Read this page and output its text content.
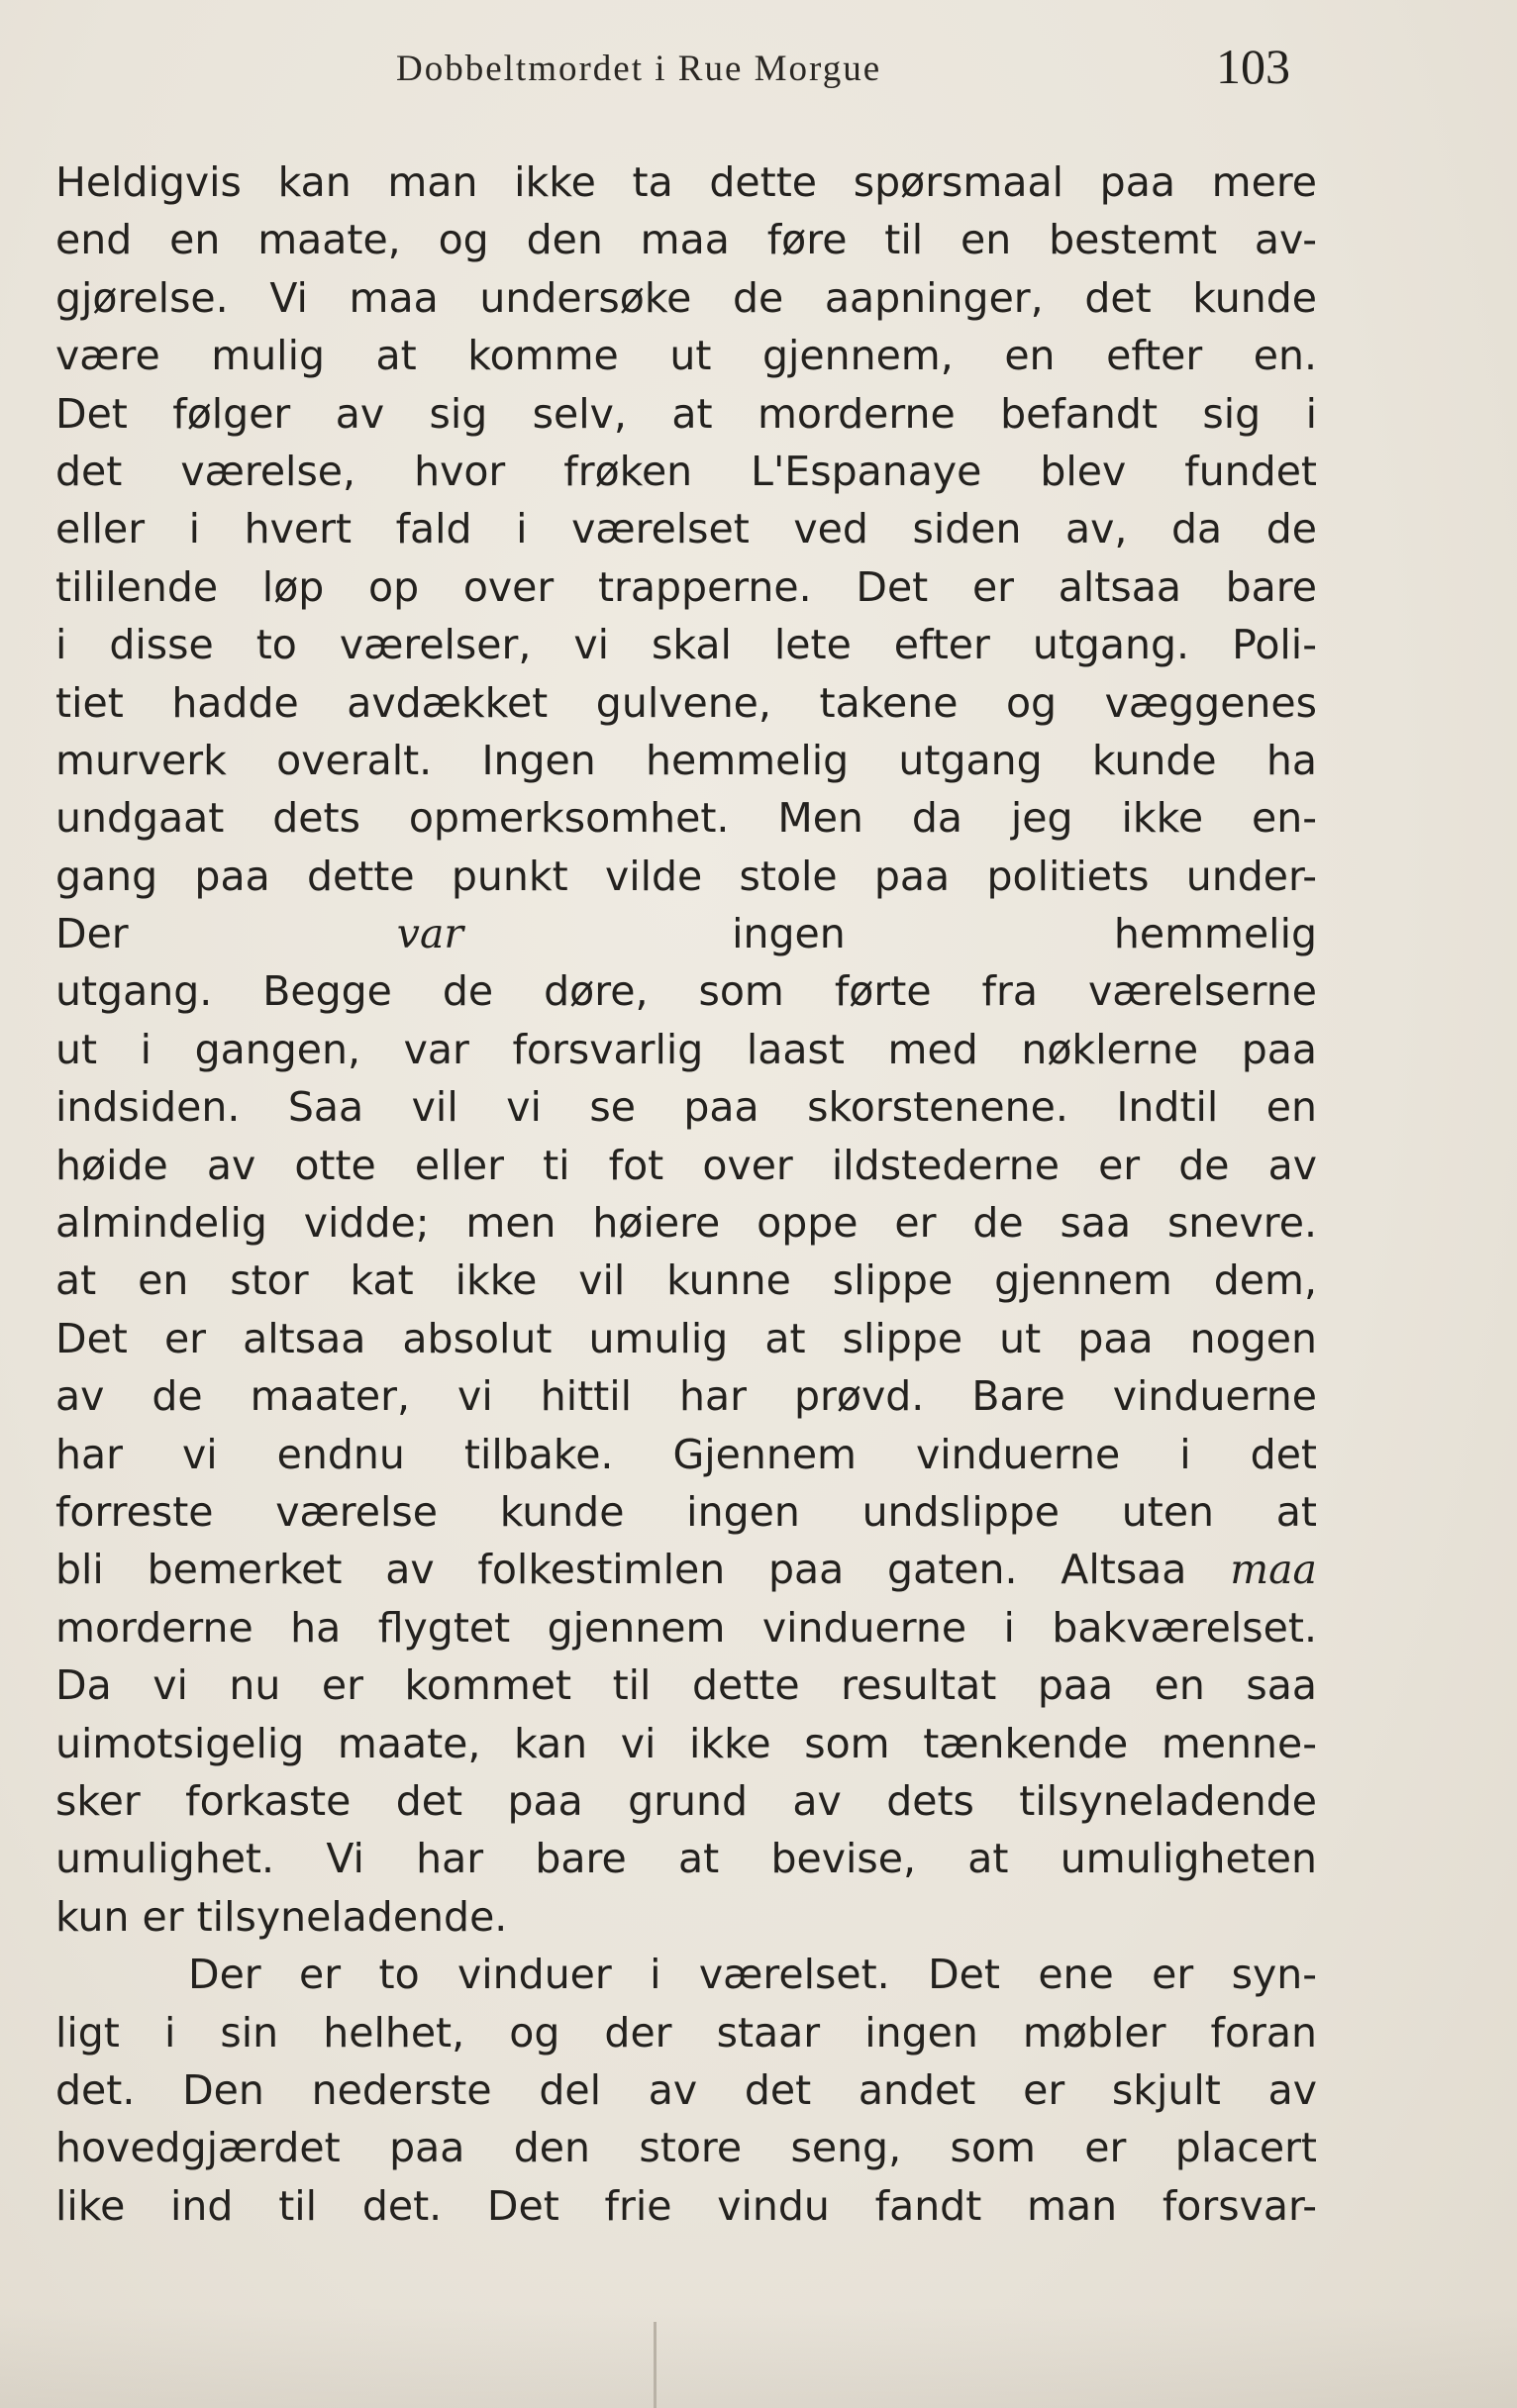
Dobbeltmordet i Rue Morgue	103
Heldigvis kan man ikke ta dette spørsmaal paa mere
end en maate, og den maa føre til en bestemt av-
gjørelse. Vi maa undersøke de aapninger, det kunde
være mulig at komme ut gjennem, en efter en.
Det følger av sig selv, at morderne befandt sig i
det værelse, hvor frøken L'Espanaye blev fundet
eller i hvert fald i værelset ved siden av, da de
tililende løp op over trapperne. Det er altsaa bare
i disse to værelser, vi skal lete efter utgang. Poli-
tiet hadde avdækket gulvene, takene og væggenes
murverk overalt. Ingen hemmelig utgang kunde ha
undgaat dets opmerksomhet. Men da jeg ikke en-
gang paa dette punkt vilde stole paa politiets under-
Der var ingen hemmelig
utgang. Begge de døre, som førte fra værelserne
ut i gangen, var forsvarlig laast med nøklerne paa
indsiden. Saa vil vi se paa skorstenene. Indtil en
høide av otte eller ti fot over ildstederne er de av
almindelig vidde; men høiere oppe er de saa snevre.
at en stor kat ikke vil kunne slippe gjennem dem,
Det er altsaa absolut umulig at slippe ut paa nogen
av de maater, vi hittil har prøvd. Bare vinduerne
har vi endnu tilbake. Gjennem vinduerne i det
forreste værelse kunde ingen undslippe uten at
bli bemerket av folkestimlen paa gaten. Altsaa maa
morderne ha flygtet gjennem vinduerne i bakværelset.
Da vi nu er kommet til dette resultat paa en saa
uimotsigelig maate, kan vi ikke som tænkende menne-
sker forkaste det paa grund av dets tilsyneladende
umulighet. Vi har bare at bevise, at umuligheten
kun er tilsyneladende.
Der er to vinduer i værelset. Det ene er syn-
ligt i sin helhet, og der staar ingen møbler foran
det. Den nederste del av det andet er skjult av
hovedgjærdet paa den store seng, som er placert
like ind til det. Det frie vindu fandt man forsvar-
